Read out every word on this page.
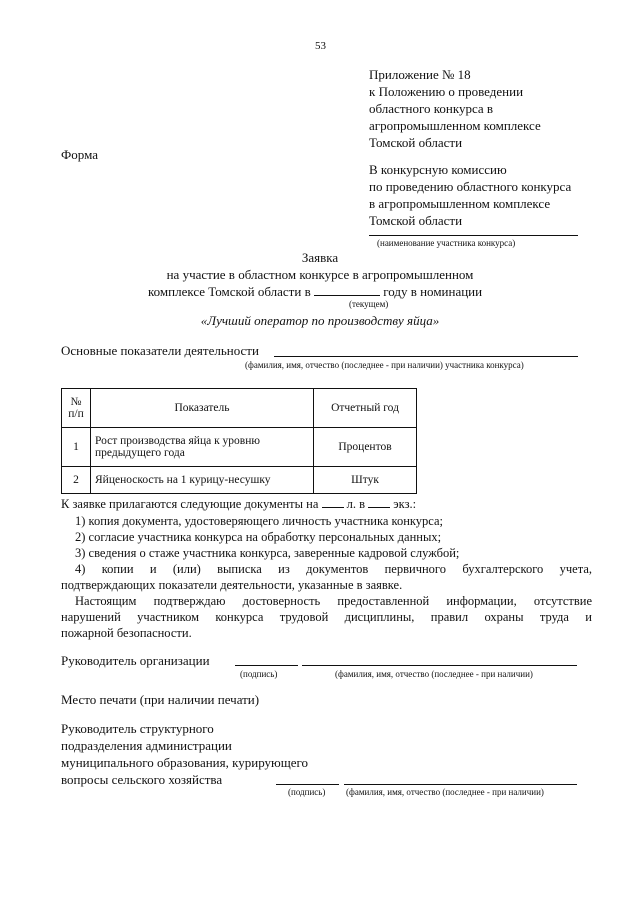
53
Приложение № 18
к Положению о проведении
областного конкурса в
агропромышленном комплексе
Томской области
Форма
В конкурсную комиссию
по проведению областного конкурса
в агропромышленном комплексе
Томской области
(наименование участника конкурса)
Заявка
на участие в областном конкурсе в агропромышленном
комплексе Томской области в	году в номинации
(текущем)
«Лучший оператор по производству яйца»
Основные показатели деятельности
(фамилия, имя, отчество (последнее - при наличии) участника конкурса)
№ п/п	Показатель	Отчетный год
1	Рост производства яйца к уровню предыдущего года	Процентов
2	Яйценоскость на 1 курицу-несушку	Штук
К заявке прилагаются следующие документы на л. в экз.:
1) копия документа, удостоверяющего личность участника конкурса;
2) согласие участника конкурса на обработку персональных данных;
3) сведения о стаже участника конкурса, заверенные кадровой службой;
4)  копии  и  (или)  выписка  из  документов  первичного  бухгалтерского  учета,
подтверждающих показатели деятельности, указанные в заявке.
Настоящим  подтверждаю  достоверность  предоставленной  информации,  отсутствие
нарушений  участником  конкурса  трудовой  дисциплины,  правил  охраны  труда  и
пожарной безопасности.
Руководитель организации
(подпись)	(фамилия, имя, отчество (последнее - при наличии)
Место печати (при наличии печати)
Руководитель структурного
подразделения администрации
муниципального образования, курирующего
вопросы сельского хозяйства
(подпись) (фамилия, имя, отчество (последнее - при наличии)
